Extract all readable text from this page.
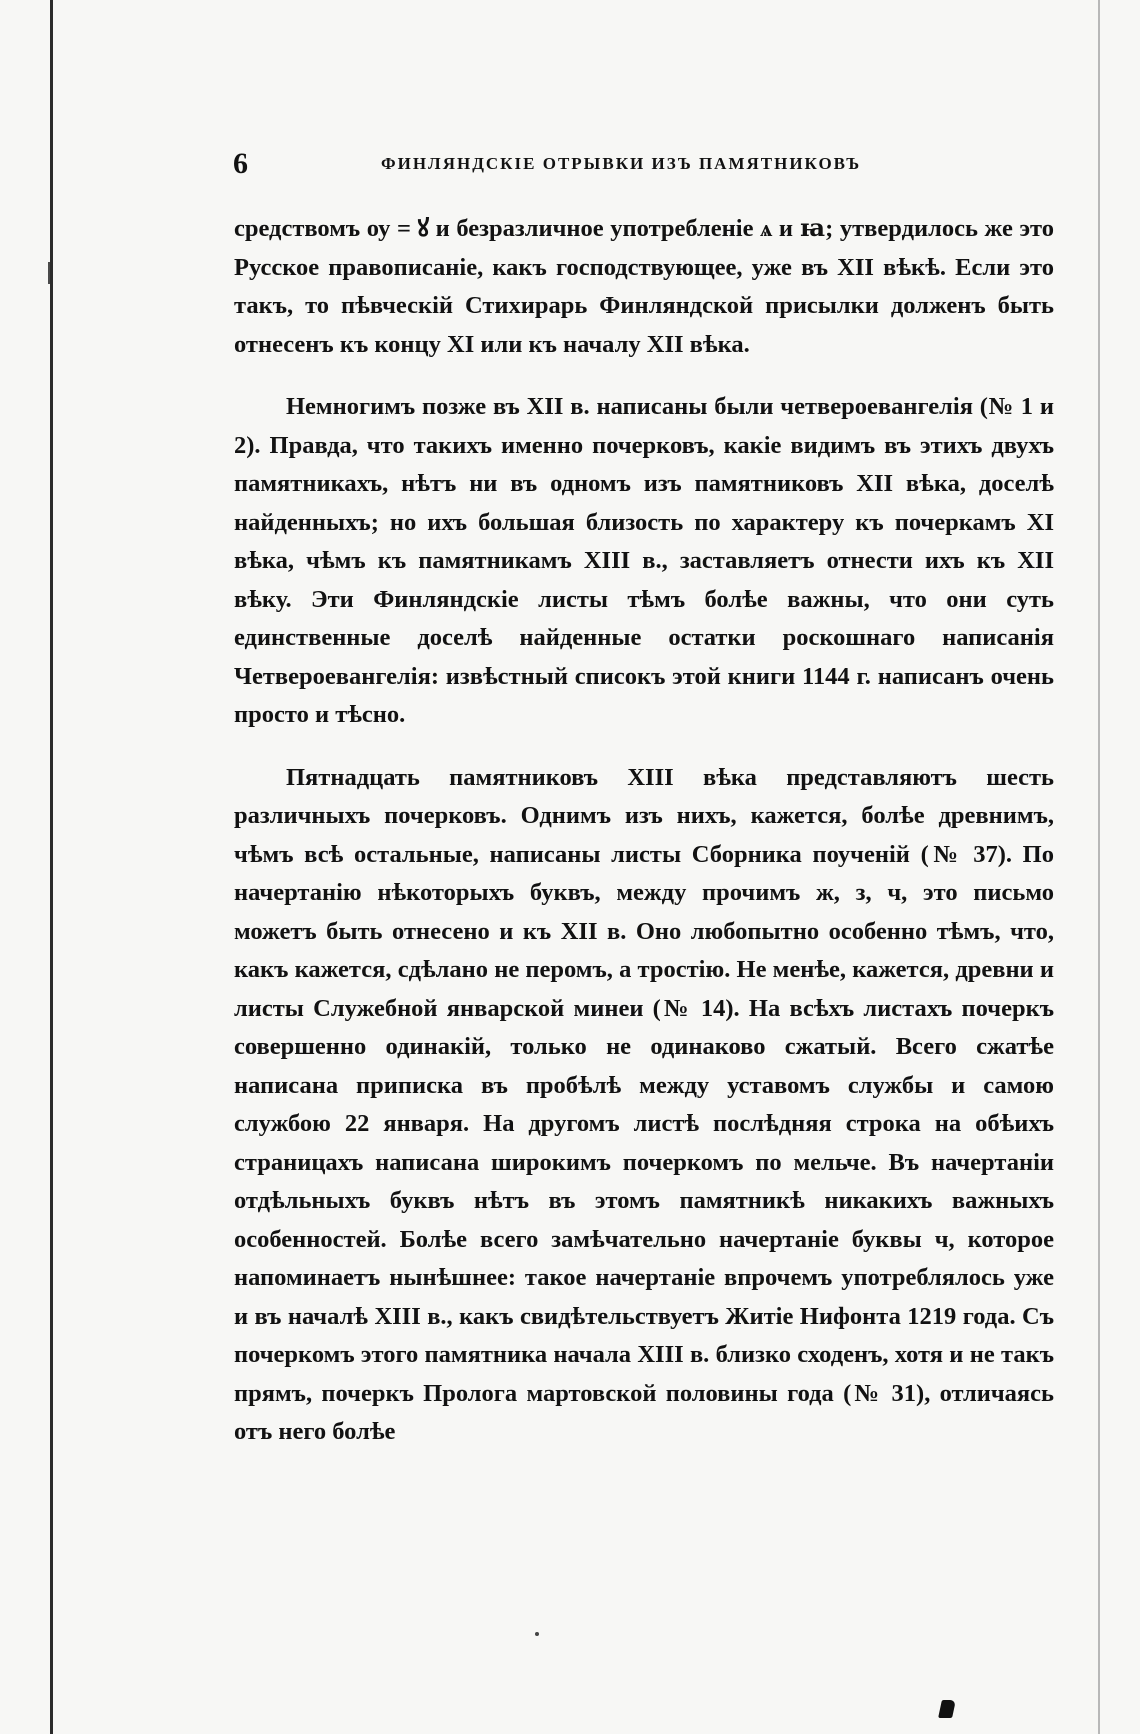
6	ФИНЛЯНДСКІЕ ОТРЫВКИ ИЗЪ ПАМЯТНИКОВЪ

средствомъ оу = ꙋ и безразличное употребленіе ѧ и ꙗ; утвердилось же это Русское правописаніе, какъ господствующее, уже въ XII вѣкѣ. Если это такъ, то пѣвческій Стихирарь Финляндской присылки долженъ быть отнесенъ къ концу XI или къ началу XII вѣка.

Немногимъ позже въ XII в. написаны были четвероевангелія (№ 1 и 2). Правда, что такихъ именно почерковъ, какіе видимъ въ этихъ двухъ памятникахъ, нѣтъ ни въ одномъ изъ памятниковъ XII вѣка, доселѣ найденныхъ; но ихъ большая близость по характеру къ почеркамъ XI вѣка, чѣмъ къ памятникамъ XIII в., заставляетъ отнести ихъ къ XII вѣку. Эти Финляндскіе листы тѣмъ болѣе важны, что они суть единственные доселѣ найденные остатки роскошнаго написанія Четвероевангелія: извѣстный списокъ этой книги 1144 г. написанъ очень просто и тѣсно.

Пятнадцать памятниковъ XIII вѣка представляютъ шесть различныхъ почерковъ. Однимъ изъ нихъ, кажется, болѣе древнимъ, чѣмъ всѣ остальные, написаны листы Сборника поученій (№ 37). По начертанію нѣкоторыхъ буквъ, между прочимъ ж, з, ч, это письмо можетъ быть отнесено и къ XII в. Оно любопытно особенно тѣмъ, что, какъ кажется, сдѣлано не перомъ, а тростію. Не менѣе, кажется, древни и листы Служебной январской минеи (№ 14). На всѣхъ листахъ почеркъ совершенно одинакій, только не одинаково сжатый. Всего сжатѣе написана приписка въ пробѣлѣ между уставомъ службы и самою службою 22 января. На другомъ листѣ послѣдняя строка на обѣихъ страницахъ написана широкимъ почеркомъ по мельче. Въ начертаніи отдѣльныхъ буквъ нѣтъ въ этомъ памятникѣ никакихъ важныхъ особенностей. Болѣе всего замѣчательно начертаніе буквы ч, которое напоминаетъ нынѣшнее: такое начертаніе впрочемъ употреблялось уже и въ началѣ XIII в., какъ свидѣтельствуетъ Житіе Нифонта 1219 года. Съ почеркомъ этого памятника начала XIII в. близко сходенъ, хотя и не такъ прямъ, почеркъ Пролога мартовской половины года (№ 31), отличаясь отъ него болѣе
